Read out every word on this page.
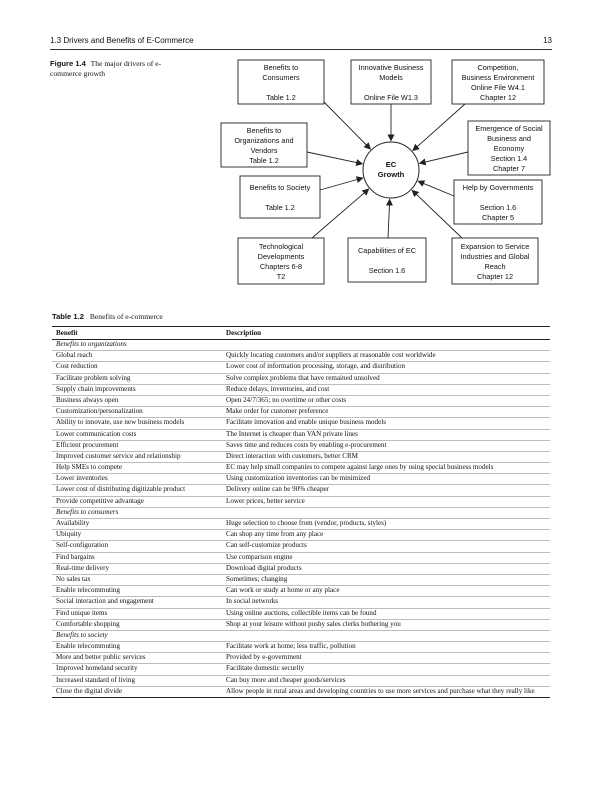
1.3 Drivers and Benefits of E-Commerce	13
Figure 1.4 The major drivers of e-commerce growth
Benefits to
Consumers
Table 1.2
Innovative Business
Models
Online File W1.3
Competition,
Business Environment
Online File W4.1
Chapter 12
Benefits to
Organizations and
Vendors
Table 1.2
Emergence of Social
Business and
Economy
Section 1.4
Chapter 7
Benefits to Society
Table 1.2
Help by Governments
Section 1.6
Chapter 5
Technological
Developments
Chapters 6-8
T2
Capabilities of EC
Section 1.6
Expansion to Service
Industries and Global
Reach
Chapter 12
EC
Growth
Table 1.2 Benefits of e-commerce
Benefit	Description
Benefits to organizations	
Global reach	Quickly locating customers and/or suppliers at reasonable cost worldwide
Cost reduction	Lower cost of information processing, storage, and distribution
Facilitate problem solving	Solve complex problems that have remained unsolved
Supply chain improvements	Reduce delays, inventories, and cost
Business always open	Open 24/7/365; no overtime or other costs
Customization/personalization	Make order for customer preference
Ability to innovate, use new business models	Facilitate innovation and enable unique business models
Lower communication costs	The Internet is cheaper than VAN private lines
Efficient procurement	Saves time and reduces costs by enabling e-procurement
Improved customer service and relationship	Direct interaction with customers, better CRM
Help SMEs to compete	EC may help small companies to compete against large ones by using special business models
Lower inventories	Using customization inventories can be minimized
Lower cost of distributing digitizable product	Delivery online can be 90% cheaper
Provide competitive advantage	Lower prices, better service
Benefits to consumers	
Availability	Huge selection to choose from (vendor, products, styles)
Ubiquity	Can shop any time from any place
Self-configuration	Can self-customize products
Find bargains	Use comparison engine
Real-time delivery	Download digital products
No sales tax	Sometimes; changing
Enable telecommuting	Can work or study at home or any place
Social interaction and engagement	In social networks
Find unique items	Using online auctions, collectible items can be found
Comfortable shopping	Shop at your leisure without pushy sales clerks bothering you
Benefits to society	
Enable telecommuting	Facilitate work at home; less traffic, pollution
More and better public services	Provided by e-government
Improved homeland security	Facilitate domestic security
Increased standard of living	Can buy more and cheaper goods/services
Close the digital divide	Allow people in rural areas and developing countries to use more services and purchase what they really like
